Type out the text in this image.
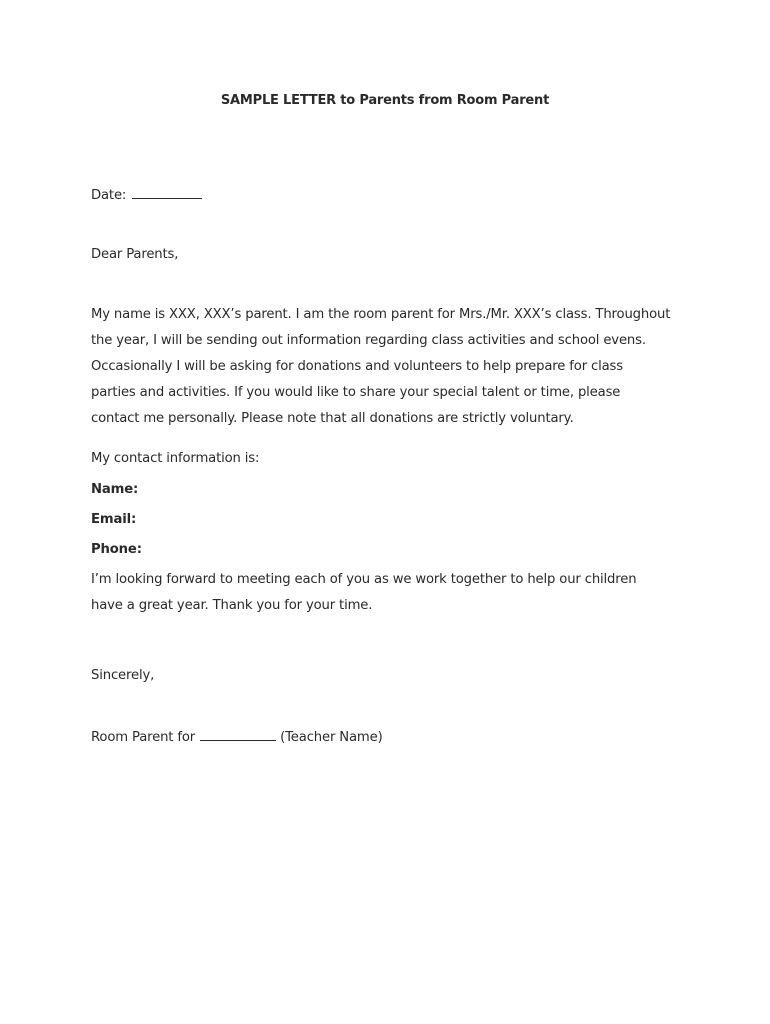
SAMPLE LETTER to Parents from Room Parent
Date:
Dear Parents,
My name is XXX, XXX’s parent. I am the room parent for Mrs./Mr. XXX’s class. Throughout
the year, I will be sending out information regarding class activities and school evens.
Occasionally I will be asking for donations and volunteers to help prepare for class
parties and activities. If you would like to share your special talent or time, please
contact me personally. Please note that all donations are strictly voluntary.
My contact information is:
Name:
Email:
Phone:
I’m looking forward to meeting each of you as we work together to help our children
have a great year. Thank you for your time.
Sincerely,
Room Parent for	(Teacher Name)
